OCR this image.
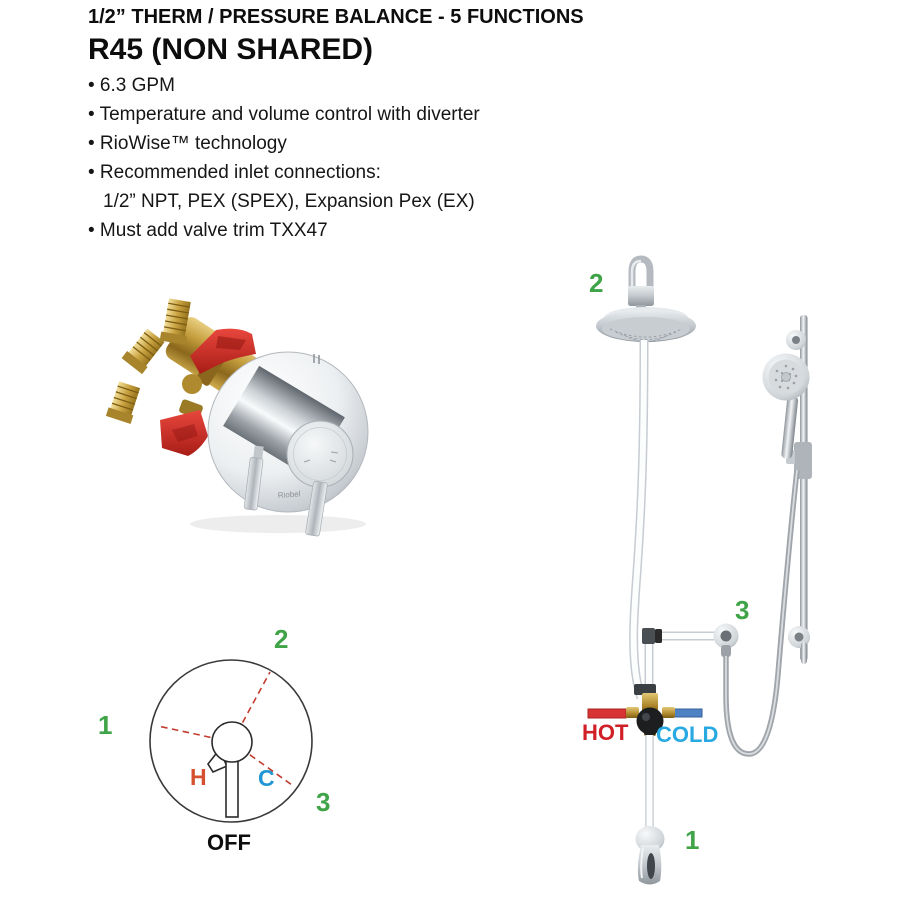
1/2” THERM / PRESSURE BALANCE - 5 FUNCTIONS
R45 (NON SHARED)
• 6.3 GPM
• Temperature and volume control with diverter
• RioWise™ technology
• Recommended inlet connections:
1/2” NPT, PEX (SPEX), Expansion Pex (EX)
• Must add valve trim TXX47
Riobel
1
2
3
H C
OFF
2
3
1
HOT COLD
